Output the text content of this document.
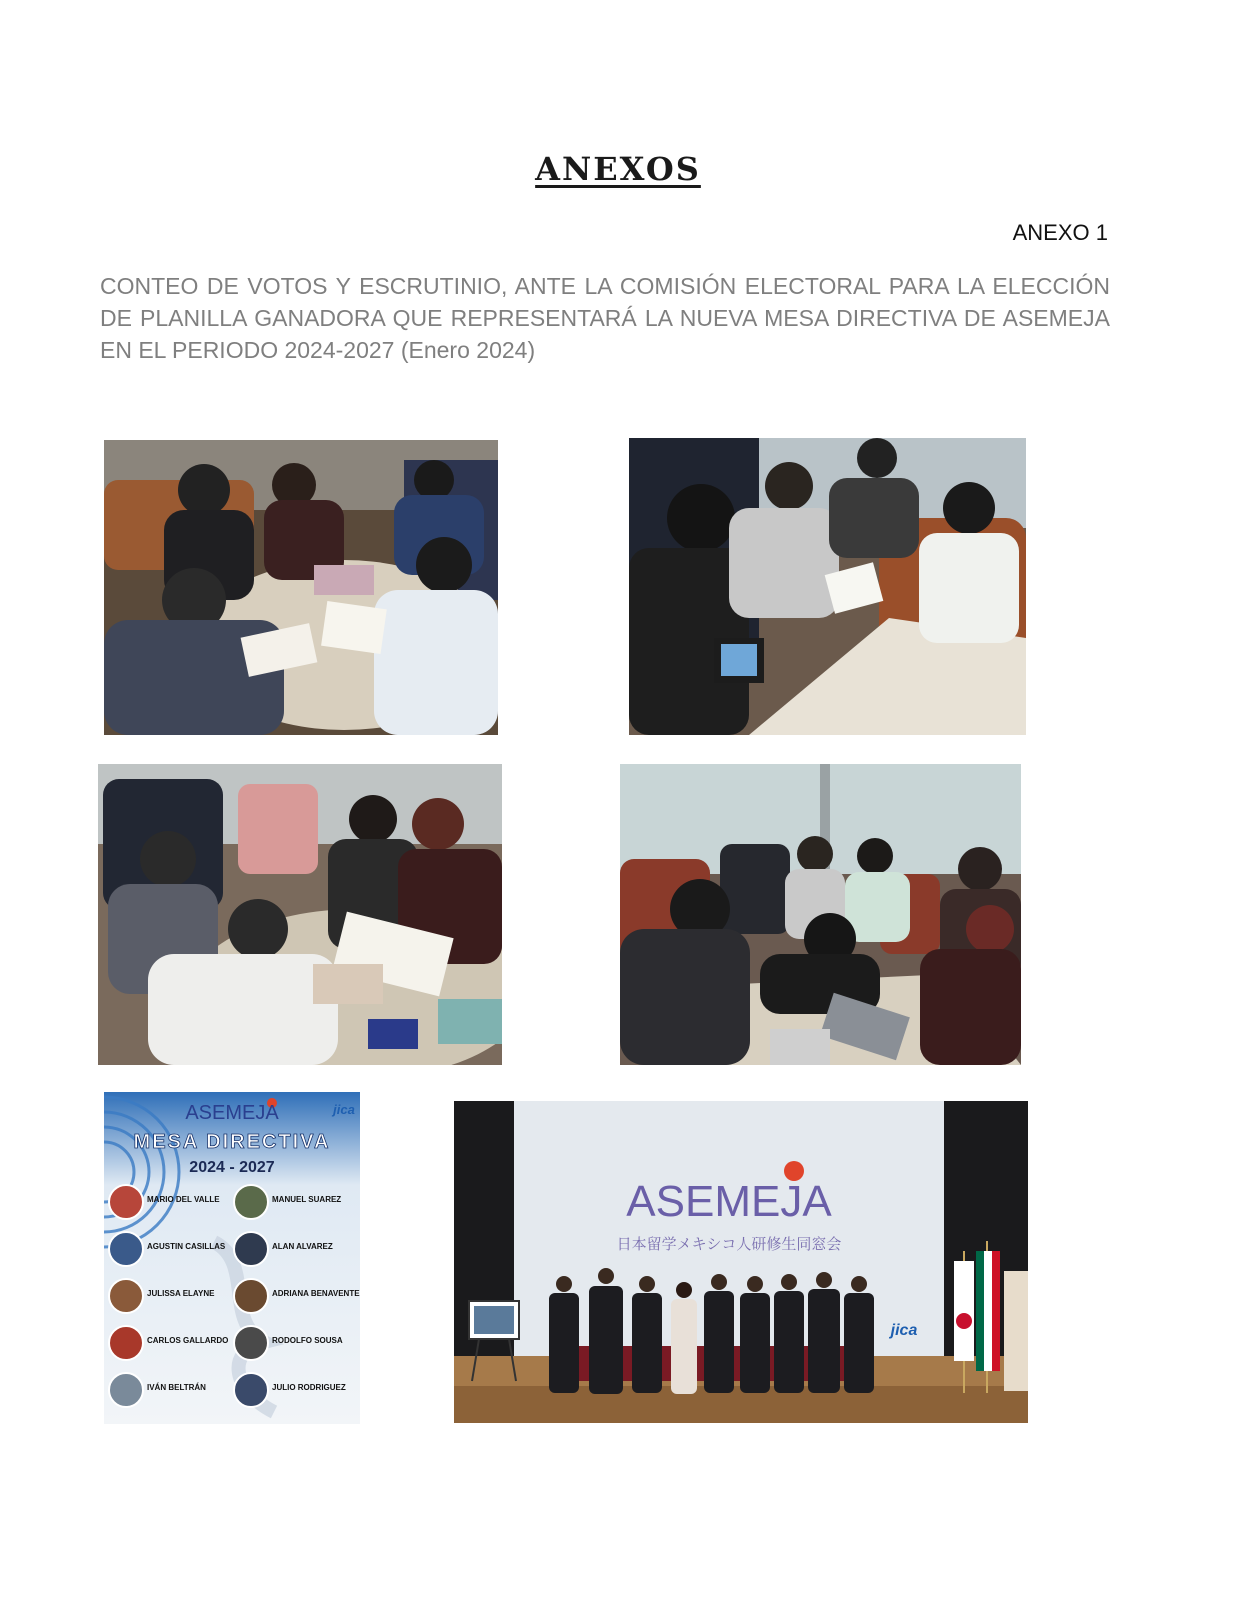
ANEXOS
ANEXO 1
CONTEO DE VOTOS Y ESCRUTINIO, ANTE LA COMISIÓN ELECTORAL PARA LA ELECCIÓN DE PLANILLA GANADORA QUE REPRESENTARÁ LA NUEVA MESA DIRECTIVA DE ASEMEJA EN EL PERIODO 2024-2027 (Enero 2024)
ASEMEJA	jica
MESA DIRECTIVA
2024 - 2027
MARIO DEL VALLE	MANUEL SUAREZ
AGUSTIN CASILLAS	ALAN ALVAREZ
JULISSA ELAYNE	ADRIANA BENAVENTE
CARLOS GALLARDO	RODOLFO SOUSA
IVÁN BELTRÁN	JULIO RODRIGUEZ
ASEMEJA
日本留学メキシコ人研修生同窓会
jica
